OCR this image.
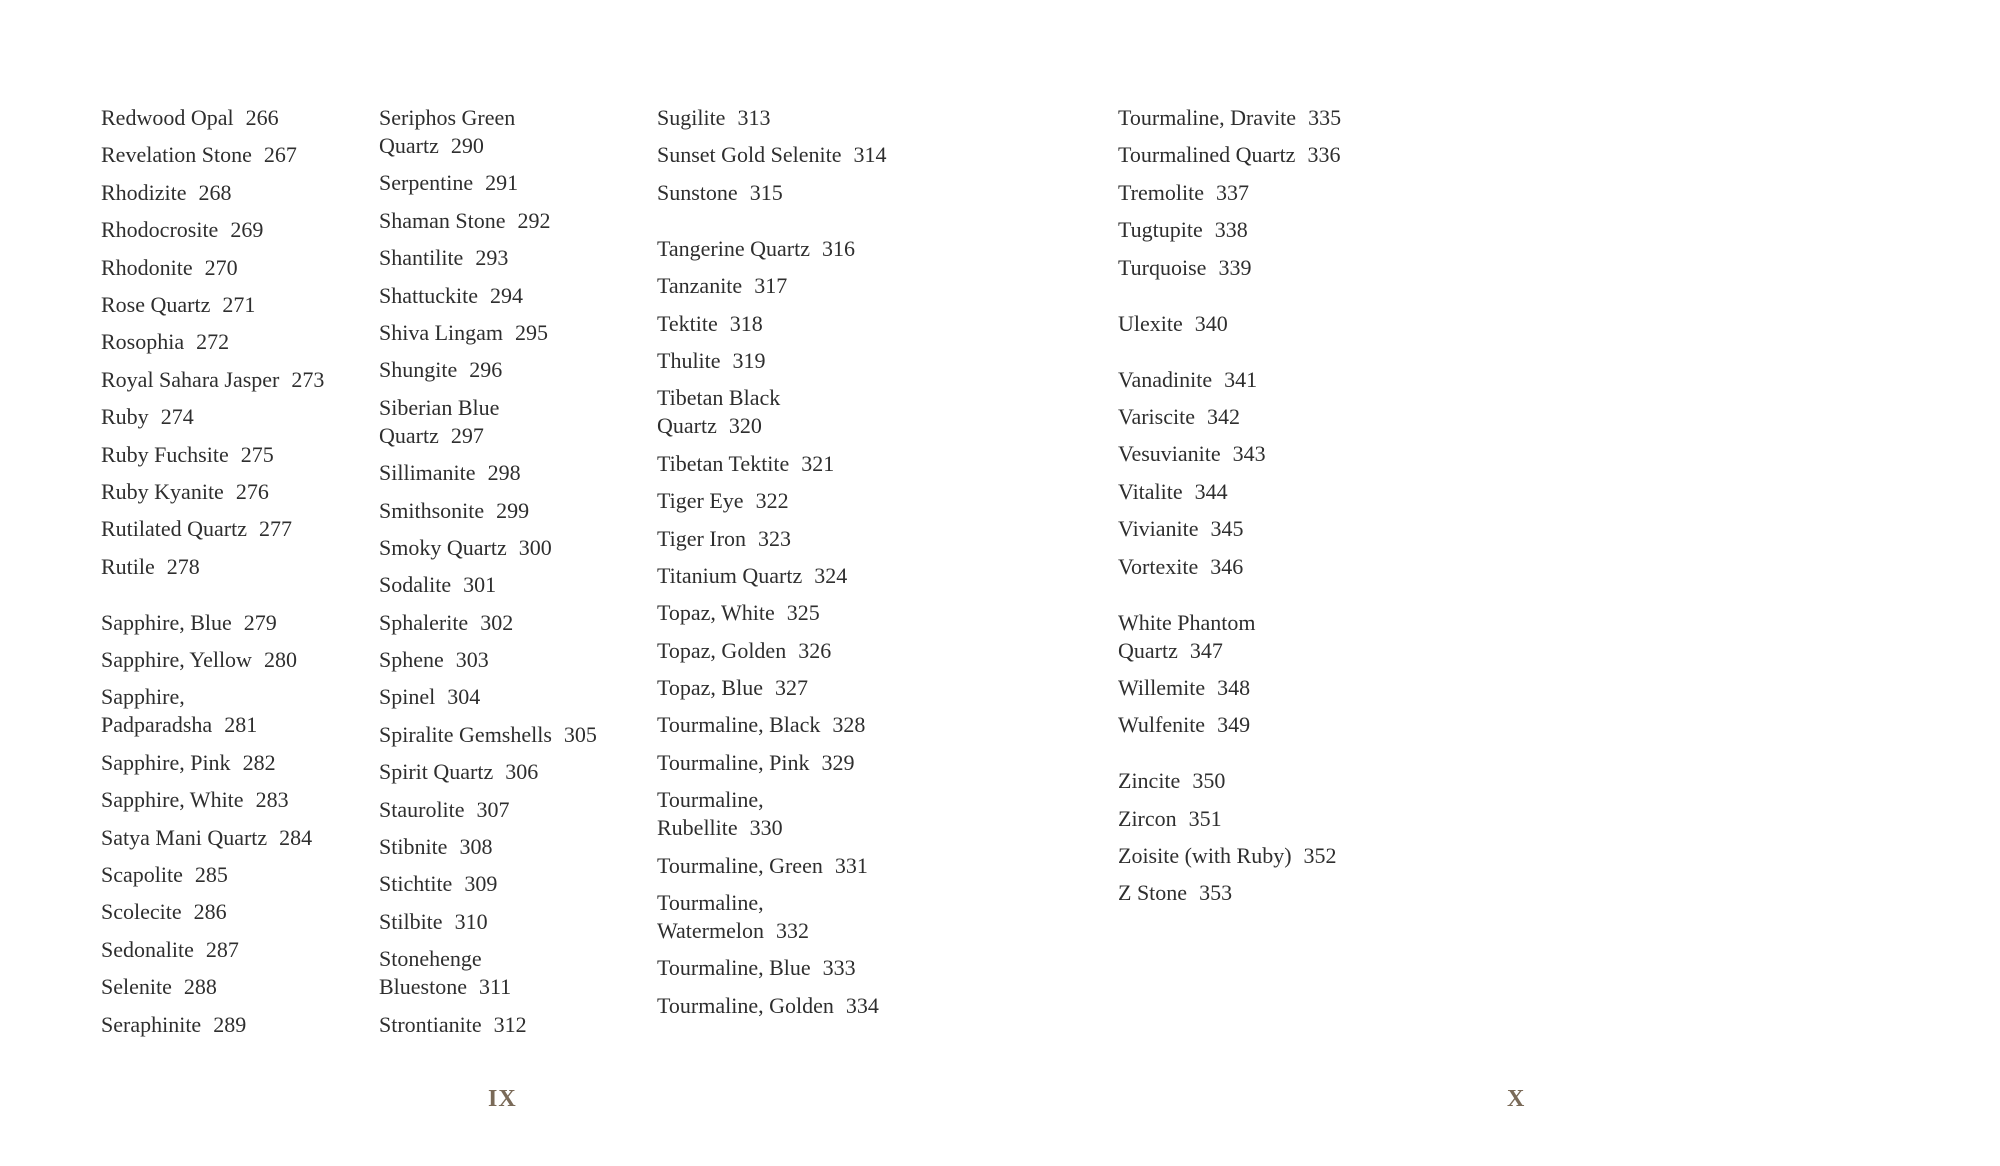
Redwood Opal 266
Revelation Stone 267
Rhodizite 268
Rhodocrosite 269
Rhodonite 270
Rose Quartz 271
Rosophia 272
Royal Sahara Jasper 273
Ruby 274
Ruby Fuchsite 275
Ruby Kyanite 276
Rutilated Quartz 277
Rutile 278
Sapphire, Blue 279
Sapphire, Yellow 280
Sapphire,
Padparadsha 281
Sapphire, Pink 282
Sapphire, White 283
Satya Mani Quartz 284
Scapolite 285
Scolecite 286
Sedonalite 287
Selenite 288
Seraphinite 289
Seriphos Green
Quartz 290
Serpentine 291
Shaman Stone 292
Shantilite 293
Shattuckite 294
Shiva Lingam 295
Shungite 296
Siberian Blue
Quartz 297
Sillimanite 298
Smithsonite 299
Smoky Quartz 300
Sodalite 301
Sphalerite 302
Sphene 303
Spinel 304
Spiralite Gemshells 305
Spirit Quartz 306
Staurolite 307
Stibnite 308
Stichtite 309
Stilbite 310
Stonehenge
Bluestone 311
Strontianite 312
Sugilite 313
Sunset Gold Selenite 314
Sunstone 315
Tangerine Quartz 316
Tanzanite 317
Tektite 318
Thulite 319
Tibetan Black
Quartz 320
Tibetan Tektite 321
Tiger Eye 322
Tiger Iron 323
Titanium Quartz 324
Topaz, White 325
Topaz, Golden 326
Topaz, Blue 327
Tourmaline, Black 328
Tourmaline, Pink 329
Tourmaline,
Rubellite 330
Tourmaline, Green 331
Tourmaline,
Watermelon 332
Tourmaline, Blue 333
Tourmaline, Golden 334
IX
Tourmaline, Dravite 335
Tourmalined Quartz 336
Tremolite 337
Tugtupite 338
Turquoise 339
Ulexite 340
Vanadinite 341
Variscite 342
Vesuvianite 343
Vitalite 344
Vivianite 345
Vortexite 346
White Phantom
Quartz 347
Willemite 348
Wulfenite 349
Zincite 350
Zircon 351
Zoisite (with Ruby) 352
Z Stone 353
X
